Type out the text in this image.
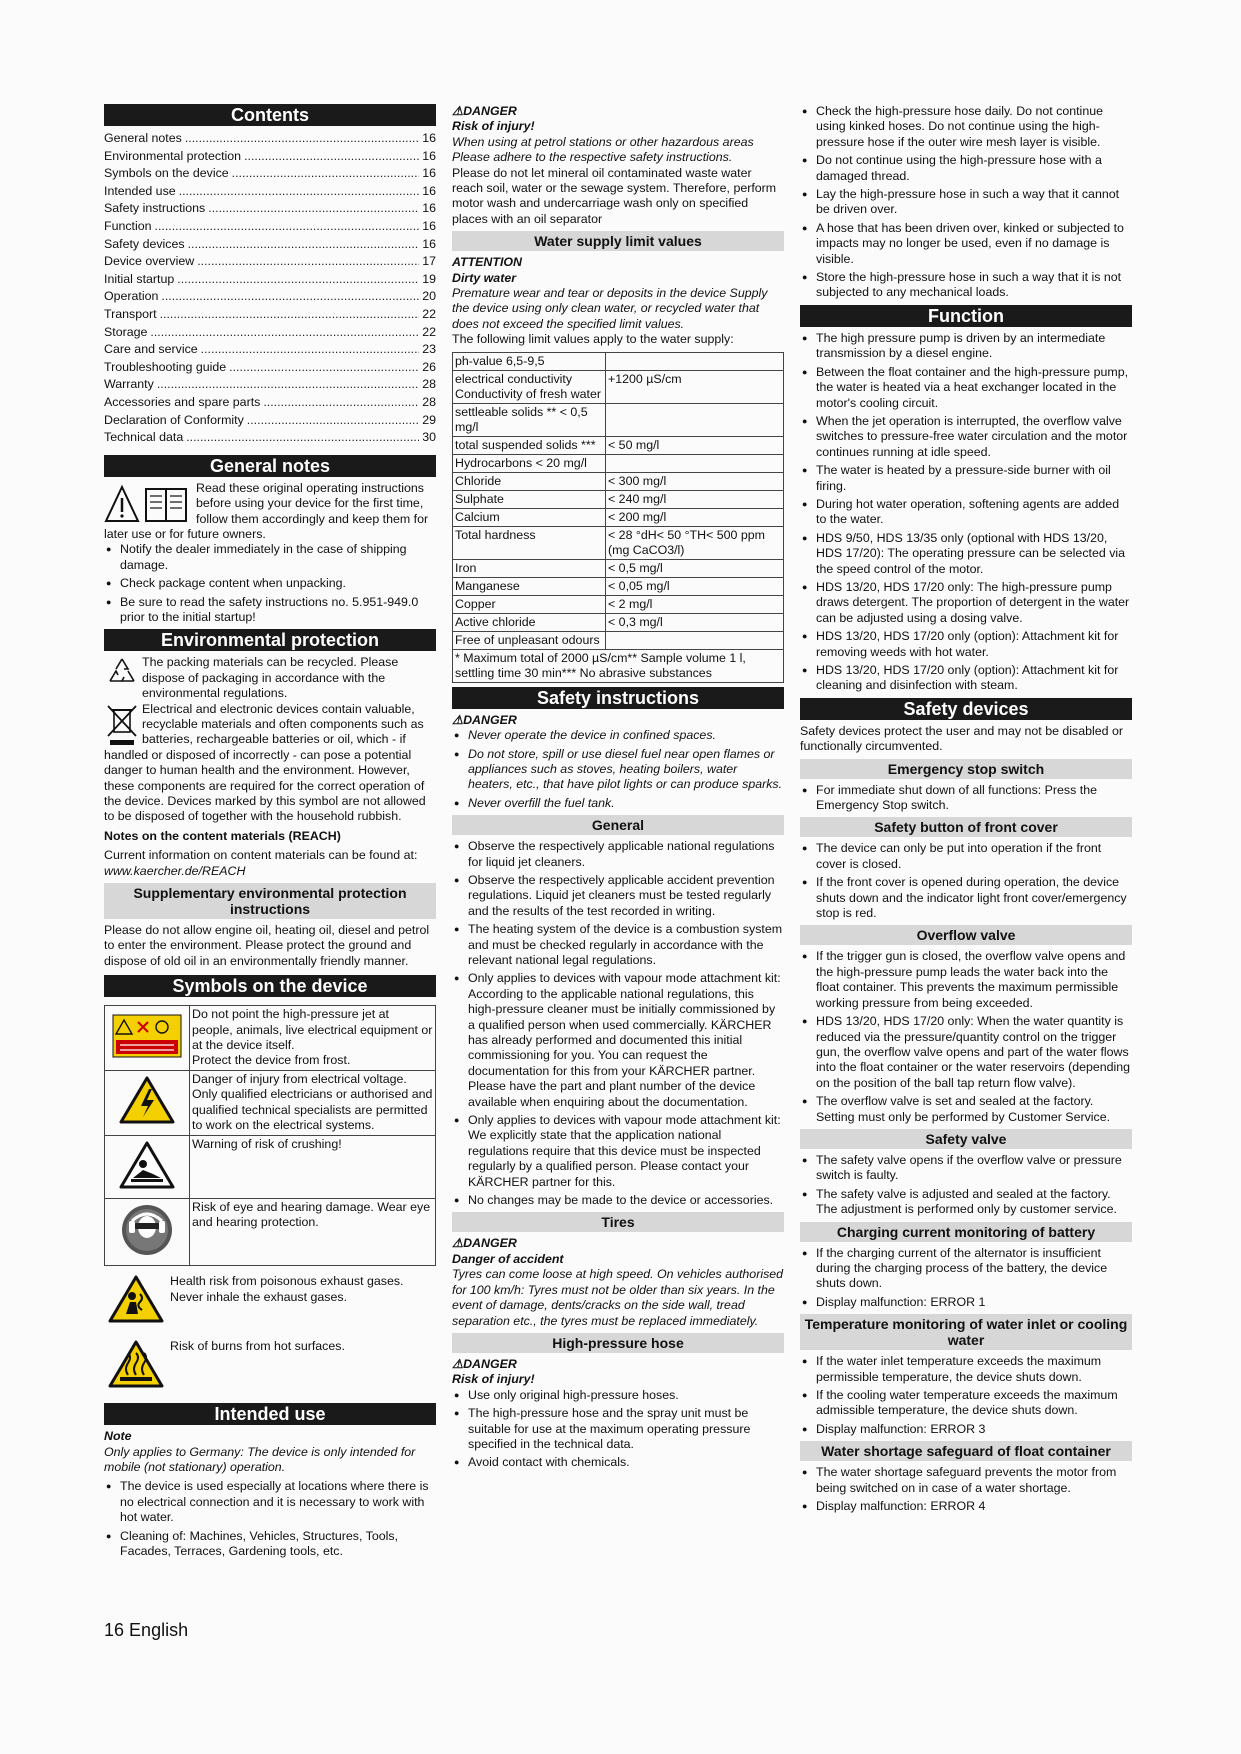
Contents
General notes .....	16
Environmental protection .....	16
Symbols on the device .....	16
Intended use .....	16
Safety instructions .....	16
Function .....	16
Safety devices .....	16
Device overview .....	17
Initial startup .....	19
Operation .....	20
Transport .....	22
Storage .....	22
Care and service .....	23
Troubleshooting guide .....	26
Warranty .....	28
Accessories and spare parts .....	28
Declaration of Conformity .....	29
Technical data .....	30
General notes
Read these original operating instructions before using your device for the first time, follow them accordingly and keep them for later use or for future owners.
● Notify the dealer immediately in the case of shipping damage.
● Check package content when unpacking.
● Be sure to read the safety instructions no. 5.951-949.0 prior to the initial startup!
Environmental protection
The packing materials can be recycled. Please dispose of packaging in accordance with the environmental regulations.
Electrical and electronic devices contain valuable, recyclable materials and often components such as batteries, rechargeable batteries or oil, which - if handled or disposed of incorrectly - can pose a potential danger to human health and the environment. However, these components are required for the correct operation of the device. Devices marked by this symbol are not allowed to be disposed of together with the household rubbish.

Notes on the content materials (REACH)

Current information on content materials can be found at: www.kaercher.de/REACH

Supplementary environmental protection instructions

Please do not allow engine oil, heating oil, diesel and petrol to enter the environment. Please protect the ground and dispose of old oil in an environmentally friendly manner.

Symbols on the device
	Do not point the high-pressure jet at people, animals, live electrical equipment or at the device itself.
Protect the device from frost.
	Danger of injury from electrical voltage. Only qualified electricians or authorised and qualified technical specialists are permitted to work on the electrical systems.
	Warning of risk of crushing!
	Risk of eye and hearing damage. Wear eye and hearing protection.
Health risk from poisonous exhaust gases. Never inhale the exhaust gases.
Risk of burns from hot surfaces.
Intended use

Note

Only applies to Germany: The device is only intended for mobile (not stationary) operation.

● The device is used especially at locations where there is no electrical connection and it is necessary to work with hot water.
● Cleaning of: Machines, Vehicles, Structures, Tools, Facades, Terraces, Gardening tools, etc.

⚠DANGER

Risk of injury!

When using at petrol stations or other hazardous areas Please adhere to the respective safety instructions.

Please do not let mineral oil contaminated waste water reach soil, water or the sewage system. Therefore, perform motor wash and undercarriage wash only on specified places with an oil separator

Water supply limit values

ATTENTION

Dirty water

Premature wear and tear or deposits in the device Supply the device using only clean water, or recycled water that does not exceed the specified limit values.

The following limit values apply to the water supply:

ph-value 6,5-9,5	
electrical conductivity Conductivity of fresh water	+1200 µS/cm
settleable solids ** < 0,5 mg/l	
total suspended solids ***	< 50 mg/l
Hydrocarbons < 20 mg/l	
Chloride	< 300 mg/l
Sulphate	< 240 mg/l
Calcium	< 200 mg/l
Total hardness	< 28 °dH< 50 °TH< 500 ppm (mg CaCO3/l)
Iron	< 0,5 mg/l
Manganese	< 0,05 mg/l
Copper	< 2 mg/l
Active chloride	< 0,3 mg/l
Free of unpleasant odours	
* Maximum total of 2000 µS/cm** Sample volume 1 l, settling time 30 min*** No abrasive substances	
Safety instructions

⚠DANGER

● Never operate the device in confined spaces.
● Do not store, spill or use diesel fuel near open flames or appliances such as stoves, heating boilers, water heaters, etc., that have pilot lights or can produce sparks.
● Never overfill the fuel tank.
General
● Observe the respectively applicable national regulations for liquid jet cleaners.
● Observe the respectively applicable accident prevention regulations. Liquid jet cleaners must be tested regularly and the results of the test recorded in writing.
● The heating system of the device is a combustion system and must be checked regularly in accordance with the relevant national legal regulations.
● Only applies to devices with vapour mode attachment kit: According to the applicable national regulations, this high-pressure cleaner must be initially commissioned by a qualified person when used commercially. KÄRCHER has already performed and documented this initial commissioning for you. You can request the documentation for this from your KÄRCHER partner. Please have the part and plant number of the device available when enquiring about the documentation.
● Only applies to devices with vapour mode attachment kit: We explicitly state that the application national regulations require that this device must be inspected regularly by a qualified person. Please contact your KÄRCHER partner for this.
● No changes may be made to the device or accessories.
Tires

⚠DANGER

Danger of accident

Tyres can come loose at high speed. On vehicles authorised for 100 km/h: Tyres must not be older than six years. In the event of damage, dents/cracks on the side wall, tread separation etc., the tyres must be replaced immediately.

High-pressure hose

⚠DANGER

Risk of injury!

● Use only original high-pressure hoses.
● The high-pressure hose and the spray unit must be suitable for use at the maximum operating pressure specified in the technical data.
● Avoid contact with chemicals.
● Check the high-pressure hose daily. Do not continue using kinked hoses. Do not continue using the high-pressure hose if the outer wire mesh layer is visible.
● Do not continue using the high-pressure hose with a damaged thread.
● Lay the high-pressure hose in such a way that it cannot be driven over.
● A hose that has been driven over, kinked or subjected to impacts may no longer be used, even if no damage is visible.
● Store the high-pressure hose in such a way that it is not subjected to any mechanical loads.
Function
● The high pressure pump is driven by an intermediate transmission by a diesel engine.
● Between the float container and the high-pressure pump, the water is heated via a heat exchanger located in the motor's cooling circuit.
● When the jet operation is interrupted, the overflow valve switches to pressure-free water circulation and the motor continues running at idle speed.
● The water is heated by a pressure-side burner with oil firing.
● During hot water operation, softening agents are added to the water.
● HDS 9/50, HDS 13/35 only (optional with HDS 13/20, HDS 17/20): The operating pressure can be selected via the speed control of the motor.
● HDS 13/20, HDS 17/20 only: The high-pressure pump draws detergent. The proportion of detergent in the water can be adjusted using a dosing valve.
● HDS 13/20, HDS 17/20 only (option): Attachment kit for removing weeds with hot water.
● HDS 13/20, HDS 17/20 only (option): Attachment kit for cleaning and disinfection with steam.
Safety devices

Safety devices protect the user and may not be disabled or functionally circumvented.

Emergency stop switch
● For immediate shut down of all functions: Press the Emergency Stop switch.
Safety button of front cover
● The device can only be put into operation if the front cover is closed.
● If the front cover is opened during operation, the device shuts down and the indicator light front cover/emergency stop is red.
Overflow valve
● If the trigger gun is closed, the overflow valve opens and the high-pressure pump leads the water back into the float container. This prevents the maximum permissible working pressure from being exceeded.
● HDS 13/20, HDS 17/20 only: When the water quantity is reduced via the pressure/quantity control on the trigger gun, the overflow valve opens and part of the water flows into the float container or the water reservoirs (depending on the position of the ball tap return flow valve).
● The overflow valve is set and sealed at the factory. Setting must only be performed by Customer Service.
Safety valve
● The safety valve opens if the overflow valve or pressure switch is faulty.
● The safety valve is adjusted and sealed at the factory. The adjustment is performed only by customer service.
Charging current monitoring of battery
● If the charging current of the alternator is insufficient during the charging process of the battery, the device shuts down.
● Display malfunction: ERROR 1
Temperature monitoring of water inlet or cooling water
● If the water inlet temperature exceeds the maximum permissible temperature, the device shuts down.
● If the cooling water temperature exceeds the maximum admissible temperature, the device shuts down.
● Display malfunction: ERROR 3
Water shortage safeguard of float container
● The water shortage safeguard prevents the motor from being switched on in case of a water shortage.
● Display malfunction: ERROR 4
16 English
